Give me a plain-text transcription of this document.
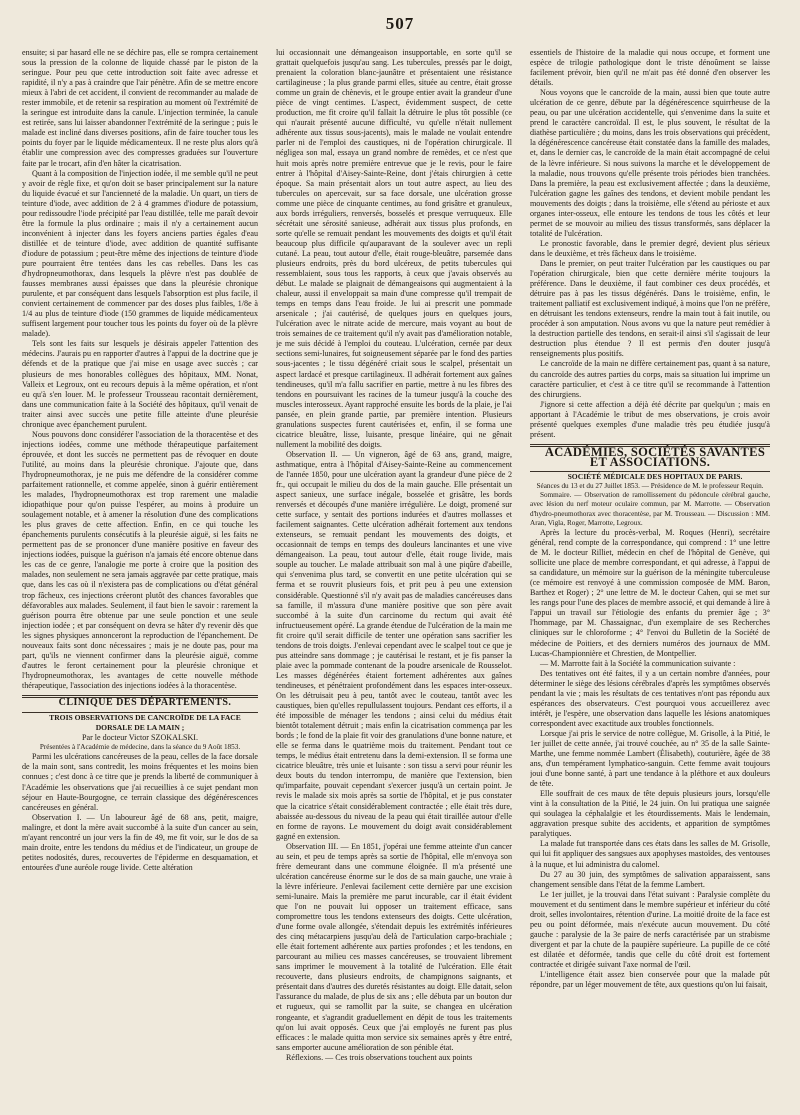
507

ensuite; si par hasard elle ne se déchire pas, elle se rompra certainement sous la pression de la colonne de liquide chassé par le piston de la seringue. Pour peu que cette introduction soit faite avec adresse et rapidité, il n'y a pas à craindre que l'air pénètre. Afin de se mettre encore mieux à l'abri de cet accident, il convient de recommander au malade de rester immobile, et de retenir sa respiration au moment où l'extrémité de la seringue est introduite dans la canule. L'injection terminée, la canule est retirée, sans lui laisser abandonner l'extrémité de la seringue ; puis le malade est incliné dans diverses positions, afin de faire toucher tous les points du foyer par le liquide médicamenteux. Il ne reste plus alors qu'à établir une compression avec des compresses graduées sur l'ouverture faite par le trocart, afin d'en hâter la cicatrisation.

Quant à la composition de l'injection iodée, il me semble qu'il ne peut y avoir de règle fixe, et qu'on doit se baser principalement sur la nature du liquide évacué et sur l'ancienneté de la maladie. Un quart, un tiers de teinture d'iode, avec addition de 2 à 4 grammes d'iodure de potassium, pour redissoudre l'iode précipité par l'eau distillée, telle me paraît devoir être la formule la plus ordinaire ; mais il n'y a certainement aucun inconvénient à injecter dans les foyers anciens parties égales d'eau distillée et de teinture d'iode, avec addition de quantité suffisante d'iodure de potassium ; peut-être même des injections de teinture d'iode pure pourraient être tentées dans les cas rebelles. Dans les cas d'hydropneumothorax, dans lesquels la plèvre n'est pas doublée de fausses membranes aussi épaisses que dans la pleurésie chronique purulente, et par conséquent dans lesquels l'absorption est plus facile, il convient certainement de commencer par des doses plus faibles, 1/8e à 1/4 au plus de teinture d'iode (150 grammes de liquide médicamenteux suffisent largement pour toucher tous les points du foyer où de la plèvre malade).

Tels sont les faits sur lesquels je désirais appeler l'attention des médecins. J'aurais pu en rapporter d'autres à l'appui de la doctrine que je défends et de la pratique que j'ai mise en usage avec succès ; car plusieurs de mes honorables collègues des hôpitaux, MM. Nonat, Valleix et Legroux, ont eu recours depuis à la même opération, et n'ont eu qu'à s'en louer. M. le professeur Trousseau racontait dernièrement, dans une communication faite à la Société des hôpitaux, qu'il venait de traiter ainsi avec succès une petite fille atteinte d'une pleurésie chronique avec épanchement purulent.

Nous pouvons donc considérer l'association de la thoracentèse et des injections iodées, comme une méthode thérapeutique parfaitement éprouvée, et dont les succès ne permettent pas de révoquer en doute l'utilité, au moins dans la pleurésie chronique. J'ajoute que, dans l'hydropneumothorax, je ne puis me défendre de la considérer comme parfaitement rationnelle, et comme appelée, sinon à guérir entièrement les malades, l'hydropneumothorax est trop rarement une maladie idiopathique pour qu'on puisse l'espérer, au moins à produire un soulagement notable, et à amener la résolution d'une des complications les plus graves de cette affection. Enfin, en ce qui touche les épanchements purulents consécutifs à la pleurésie aiguë, si les faits ne permettent pas de se prononcer d'une manière positive en faveur des injections iodées, puisque la guérison n'a jamais été encore obtenue dans les cas de ce genre, l'analogie me porte à croire que la position des malades, non seulement ne sera jamais aggravée par cette pratique, mais que, dans les cas où il n'existera pas de complications ou d'état général trop fâcheux, ces injections créeront plutôt des chances favorables que défavorables aux malades. Seulement, il faut bien le savoir : rarement la guérison pourra être obtenue par une seule ponction et une seule injection iodée ; et par conséquent on devra se hâter d'y revenir dès que les signes physiques annonceront la reproduction de l'épanchement. De nouveaux faits sont donc nécessaires ; mais je ne doute pas, pour ma part, qu'ils ne viennent confirmer dans la pleurésie aiguë, comme d'autres le feront certainement pour la pleurésie chronique et l'hydropneumothorax, les avantages de cette nouvelle méthode thérapeutique, l'association des injections iodées à la thoracentèse.

CLINIQUE DES DÉPARTEMENTS.

TROIS OBSERVATIONS DE CANCROÏDE DE LA FACE DORSALE DE LA MAIN ;

Par le docteur Victor SZOKALSKI.

Présentées à l'Académie de médecine, dans la séance du 9 Août 1853.

Parmi les ulcérations cancéreuses de la peau, celles de la face dorsale de la main sont, sans contredit, les moins fréquentes et les moins bien connues ; c'est donc à ce titre que je prends la liberté de communiquer à l'Académie les observations que j'ai recueillies à ce sujet pendant mon séjour en Haute-Bourgogne, ce terrain classique des dégénérescences cancéreuses en général.

Observation I. — Un laboureur âgé de 68 ans, petit, maigre, malingre, et dont la mère avait succombé à la suite d'un cancer au sein, m'ayant rencontré un jour vers la fin de 49, me fit voir, sur le dos de sa main droite, entre les tendons du médius et de l'indicateur, un groupe de petites nodosités, dures, recouvertes de l'épiderme en desquamation, et entourées d'une auréole rouge livide. Cette altération

lui occasionnait une démangeaison insupportable, en sorte qu'il se grattait quelquefois jusqu'au sang. Les tubercules, pressés par le doigt, prenaient la coloration blanc-jaunâtre et présentaient une résistance cartilagineuse ; la plus grande parmi elles, située au centre, était grosse comme un grain de chènevis, et le groupe entier avait la grandeur d'une pièce de vingt centimes. L'aspect, évidemment suspect, de cette production, me fit croire qu'il fallait la détruire le plus tôt possible (ce qui n'aurait présenté aucune difficulté, vu qu'elle n'était nullement adhérente aux tissus sous-jacents), mais le malade ne voulait entendre parler ni de l'emploi des caustiques, ni de l'opération chirurgicale. Il négligea son mal, essaya un grand nombre de remèdes, et ce n'est que huit mois après notre première entrevue que je le revis, pour le faire entrer à l'hôpital d'Aisey-Sainte-Reine, dont j'étais chirurgien à cette époque. Sa main présentait alors un tout autre aspect, au lieu des tubercules on apercevait, sur sa face dorsale, une ulcération grosse comme une pièce de cinquante centimes, au fond grisâtre et granuleux, aux bords irréguliers, renversés, bosselés et presque verruqueux. Elle sécrétait une sérosité sanieuse, adhérait aux tissus plus profonds, en sorte qu'elle se remuait pendant les mouvements des doigts et qu'il était beaucoup plus difficile qu'auparavant de la soulever avec un repli cutané. La peau, tout autour d'elle, était rouge-bleuâtre, parsemée dans plusieurs endroits, près du bord ulcéreux, de petits tubercules qui ressemblaient, sous tous les rapports, à ceux que j'avais observés au début. Le malade se plaignait de démangeaisons qui augmentaient à la chaleur, aussi il enveloppait sa main d'une compresse qu'il trempait de temps en temps dans l'eau froide. Je lui ai prescrit une pommade arsenicale ; j'ai cautérisé, de quelques jours en quelques jours, l'ulcération avec le nitrate acide de mercure, mais voyant au bout de trois semaines de ce traitement qu'il n'y avait pas d'amélioration notable, je me suis décidé à l'emploi du couteau. L'ulcération, cernée par deux sections semi-lunaires, fut soigneusement séparée par le fond des parties sous-jacentes ; le tissu dégénéré criait sous le scalpel, présentait un aspect lardacé et presque cartilagineux. Il adhérait fortement aux gaînes tendineuses, qu'il m'a fallu sacrifier en partie, mettre à nu les fibres des tendons en poursuivant les racines de la tumeur jusqu'à la couche des muscles interosseux. Ayant rapproché ensuite les bords de la plaie, je l'ai pansée, en plein grande partie, par première intention. Plusieurs granulations suspectes furent cautérisées et, enfin, il se forma une cicatrice bleuâtre, lisse, luisante, presque linéaire, qui ne gênait nullement la mobilité des doigts.

Observation II. — Un vigneron, âgé de 63 ans, grand, maigre, asthmatique, entra à l'hôpital d'Aisey-Sainte-Reine au commencement de l'année 1850, pour une ulcération ayant la grandeur d'une pièce de 2 fr., qui occupait le milieu du dos de la main gauche. Elle présentait un aspect sanieux, une surface inégale, bosselée et grisâtre, les bords renversés et découpés d'une manière irrégulière. Le doigt, promené sur cette surface, y sentait des portions indurées et d'autres mollasses et facilement saignantes. Cette ulcération adhérait fortement aux tendons extenseurs, se remuait pendant les mouvements des doigts, et occasionnait de temps en temps des douleurs lancinantes et une vive démangeaison. La peau, tout autour d'elle, était rouge livide, mais souple au toucher. Le malade attribuait son mal à une piqûre d'abeille, qui s'envenima plus tard, se convertit en une petite ulcération qui se ferma et se rouvrit plusieurs fois, et prit peu à peu une extension considérable. Questionné s'il n'y avait pas de maladies cancéreuses dans sa famille, il m'assura d'une manière positive que son père avait succombé à la suite d'un carcinome du rectum qui avait été infructueusement opéré. La grande étendue de l'ulcération de la main me fit croire qu'il serait difficile de tenter une opération sans sacrifier les tendons de trois doigts. J'enlevai cependant avec le scalpel tout ce que je pus atteindre sans dommage ; je cautérisai le restant, et je fis panser la plaie avec la pommade contenant de la poudre arsenicale de Rousselot. Les masses dégénérées étaient fortement adhérentes aux gaînes tendineuses, et pénétraient profondément dans les espaces inter-osseux. On les détruisait peu à peu, tantôt avec le couteau, tantôt avec les caustiques, bien qu'elles repullulassent toujours. Pendant ces efforts, il a été impossible de ménager les tendons ; ainsi celui du médius était bientôt totalement détruit ; mais enfin la cicatrisation commença par les bords ; le fond de la plaie fit voir des granulations d'une bonne nature, et elle se ferma dans le quatrième mois du traitement. Pendant tout ce temps, le médius était entretenu dans la demi-extension. Il se forma une cicatrice bleuâtre, très unie et luisante : son tissu a servi pour réunir les deux bouts du tendon interrompu, de manière que l'extension, bien qu'imparfaite, pouvait cependant s'exercer jusqu'à un certain point. Je revis le malade six mois après sa sortie de l'hôpital, et je pus constater que la cicatrice s'était considérablement contractée ; elle était très dure, abaissée au-dessous du niveau de la peau qui était tiraillée autour d'elle en forme de rayons. Le mouvement du doigt avait considérablement gagné en extension.

Observation III. — En 1851, j'opérai une femme atteinte d'un cancer au sein, et peu de temps après sa sortie de l'hôpital, elle m'envoya son frère demeurant dans une commune éloignée. Il m'a présenté une ulcération cancéreuse énorme sur le dos de sa main gauche, une vraie à la lèvre inférieure. J'enlevai facilement cette dernière par une excision semi-lunaire. Mais la première me parut incurable, car il était évident que l'on ne pouvait lui opposer un traitement efficace, sans compromettre tous les tendons extenseurs des doigts. Cette ulcération, d'une forme ovale allongée, s'étendait depuis les extrémités inférieures des cinq métacarpiens jusqu'au delà de l'articulation carpo-brachiale ; elle était fortement adhérente aux parties profondes ; et les tendons, en parcourant au milieu ces masses cancéreuses, se trouvaient librement sans imprimer le mouvement à la totalité de l'ulcération. Elle était recouverte, dans plusieurs endroits, de champignons saignants, et présentait dans d'autres des duretés résistantes au doigt. Elle datait, selon l'assurance du malade, de plus de six ans ; elle débuta par un bouton dur et rugueux, qui se ramollit par la suite, se changea en ulcération rongeante, et s'agrandit graduellement en dépit de tous les traitements qu'on lui avait opposés. Ceux que j'ai employés ne furent pas plus efficaces : le malade quitta mon service six semaines après y être entré, sans emporter aucune amélioration de son pénible état.

Réflexions. — Ces trois observations touchent aux points

essentiels de l'histoire de la maladie qui nous occupe, et forment une espèce de trilogie pathologique dont le triste dénoûment se laisse facilement prévoir, bien qu'il ne m'ait pas été donné d'en observer les détails.

Nous voyons que le cancroïde de la main, aussi bien que toute autre ulcération de ce genre, débute par la dégénérescence squirrheuse de la peau, ou par une ulcération accidentelle, qui s'envenime dans la suite et prend le caractère cancroïdal. Il est, le plus souvent, le résultat de la diathèse particulière ; du moins, dans les trois observations qui précèdent, la dégénérescence cancéreuse était constatée dans la famille des malades, et, dans le dernier cas, le cancroïde de la main était accompagné de celui de la lèvre inférieure. Si nous suivons la marche et le développement de la maladie, nous trouvons qu'elle présente trois périodes bien tranchées. Dans la première, la peau est exclusivement affectée ; dans la deuxième, l'ulcération gagne les gaînes des tendons, et devient mobile pendant les mouvements des doigts ; dans la troisième, elle s'étend au périoste et aux organes inter-osseux, elle entoure les tendons de tous les côtés et leur permet de se mouvoir au milieu des tissus transformés, sans déplacer la totalité de l'ulcération.

Le pronostic favorable, dans le premier degré, devient plus sérieux dans le deuxième, et très fâcheux dans le troisième.

Dans le premier, on peut traiter l'ulcération par les caustiques ou par l'opération chirurgicale, bien que cette dernière mérite toujours la préférence. Dans le deuxième, il faut combiner ces deux procédés, et détruire pas à pas les tissus dégénérés. Dans le troisième, enfin, le traitement palliatif est exclusivement indiqué, à moins que l'on ne préfère, en détruisant les tendons extenseurs, rendre la main tout à fait inutile, ou procéder à son amputation. Nous avons vu que la nature peut remédier à la destruction partielle des tendons, en serait-il ainsi s'il s'agissait de leur destruction plus étendue ? Il est permis d'en douter jusqu'à renseignements plus positifs.

Le cancroïde de la main ne diffère certainement pas, quant à sa nature, du cancroïde des autres parties du corps, mais sa situation lui imprime un caractère particulier, et c'est à ce titre qu'il se recommande à l'attention des chirurgiens.

J'ignore si cette affection a déjà été décrite par quelqu'un ; mais en apportant à l'Académie le tribut de mes observations, je crois avoir présenté quelques exemples d'une maladie très peu étudiée jusqu'à présent.

ACADÉMIES, SOCIÉTÉS SAVANTES ET ASSOCIATIONS.

SOCIÉTÉ MÉDICALE DES HOPITAUX DE PARIS.

Séances du 13 et du 27 Juillet 1853. — Présidence de M. le professeur Requin.

Sommaire. — Observation de ramollissement du pédoncule cérébral gauche, avec lésion du nerf moteur oculaire commun, par M. Marrotte. — Observation d'hydro-pneumothorax avec thoracentèse, par M. Trousseau. — Discussion : MM. Aran, Vigla, Roger, Marrotte, Legroux.

Après la lecture du procès-verbal, M. Roques (Henri), secrétaire général, rend compte de la correspondance, qui comprend : 1° une lettre de M. le docteur Rilliet, médecin en chef de l'hôpital de Genève, qui sollicite une place de membre correspondant, et qui adresse, à l'appui de sa candidature, un mémoire sur la guérison de la méningite tuberculeuse (ce mémoire est renvoyé à une commission composée de MM. Baron, Barthez et Roger) ; 2° une lettre de M. le docteur Cahen, qui se met sur les rangs pour l'une des places de membre associé, et qui demande à lire à l'appui un travail sur l'étiologie des enfants du premier âge ; 3° l'hommage, par M. Chassaignac, d'un exemplaire de ses Recherches cliniques sur le chloroforme ; 4° l'envoi du Bulletin de la Société de médecine de Poitiers, et des derniers numéros des journaux de MM. Lucas-Championnière et Chrestien, de Montpellier.

— M. Marrotte fait à la Société la communication suivante :

Des tentatives ont été faites, il y a un certain nombre d'années, pour déterminer le siège des lésions cérébrales d'après les symptômes observés pendant la vie ; mais les résultats de ces tentatives n'ont pas répondu aux espérances des observateurs. C'est pourquoi vous accueillerez avec intérêt, je l'espère, une observation dans laquelle les lésions anatomiques correspondent avec exactitude aux troubles fonctionnels.

Lorsque j'ai pris le service de notre collègue, M. Grisolle, à la Pitié, le 1er juillet de cette année, j'ai trouvé couchée, au n° 35 de la salle Sainte-Marthe, une femme nommée Lambert (Élisabeth), couturière, âgée de 38 ans, d'un tempérament lymphatico-sanguin. Cette femme avait toujours joui d'une bonne santé, à part une tendance à la pléthore et aux douleurs de tête.

Elle souffrait de ces maux de tête depuis plusieurs jours, lorsqu'elle vint à la consultation de la Pitié, le 24 juin. On lui pratiqua une saignée qui soulagea la céphalalgie et les étourdissements. Mais le lendemain, aggravation presque subite des accidents, et apparition de symptômes paralytiques.

La malade fut transportée dans ces états dans les salles de M. Grisolle, qui lui fit appliquer des sangsues aux apophyses mastoïdes, des ventouses à la nuque, et lui administra du calomel.

Du 27 au 30 juin, des symptômes de salivation apparaissent, sans changement sensible dans l'état de la femme Lambert.

Le 1er juillet, je la trouvai dans l'état suivant : Paralysie complète du mouvement et du sentiment dans le membre supérieur et inférieur du côté droit, selles involontaires, rétention d'urine. La moitié droite de la face est peu ou point déformée, mais n'exécute aucun mouvement. Du côté gauche : paralysie de la 3e paire de nerfs caractérisée par un strabisme divergent et par la chute de la paupière supérieure. La pupille de ce côté est dilatée et déformée, tandis que celle du côté droit est fortement contractée et dirigée suivant l'axe normal de l'œil.

L'intelligence était assez bien conservée pour que la malade pût répondre, par un léger mouvement de tête, aux questions qu'on lui faisait,
